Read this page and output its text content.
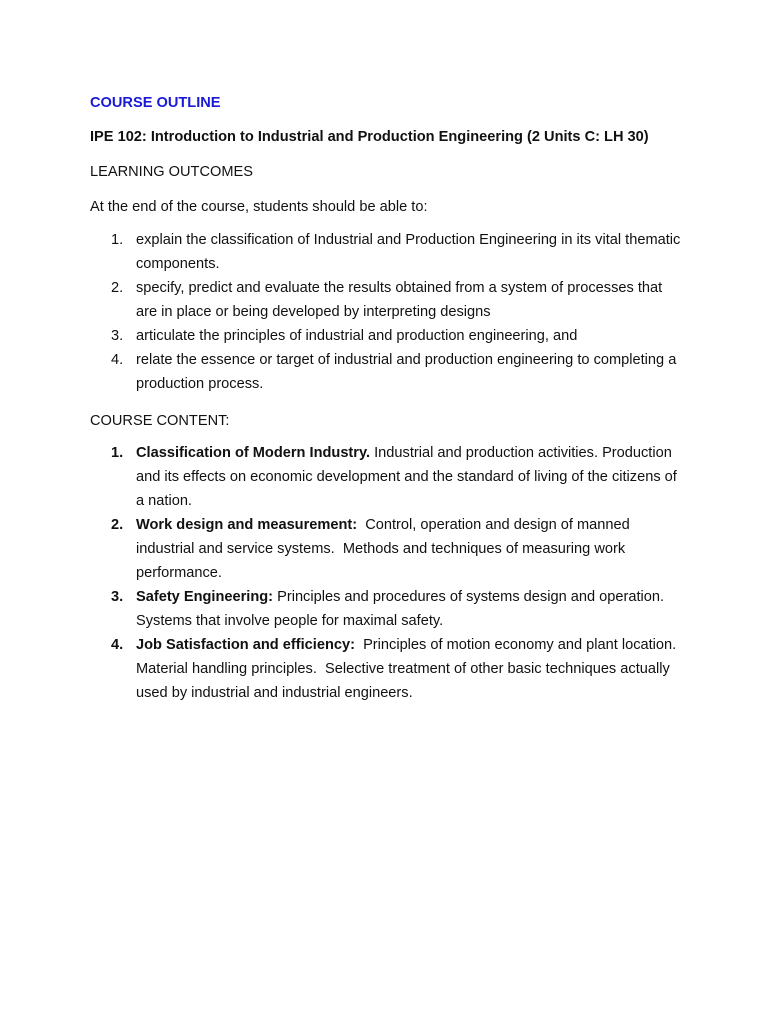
COURSE OUTLINE

IPE 102: Introduction to Industrial and Production Engineering (2 Units C: LH 30)

LEARNING OUTCOMES

At the end of the course, students should be able to:

1. explain the classification of Industrial and Production Engineering in its vital thematic components.
2. specify, predict and evaluate the results obtained from a system of processes that are in place or being developed by interpreting designs
3. articulate the principles of industrial and production engineering, and
4. relate the essence or target of industrial and production engineering to completing a production process.

COURSE CONTENT:

1. Classification of Modern Industry. Industrial and production activities. Production and its effects on economic development and the standard of living of the citizens of a nation.
2. Work design and measurement:  Control, operation and design of manned industrial and service systems.  Methods and techniques of measuring work performance.
3. Safety Engineering: Principles and procedures of systems design and operation.  Systems that involve people for maximal safety.
4. Job Satisfaction and efficiency:  Principles of motion economy and plant location. Material handling principles.  Selective treatment of other basic techniques actually used by industrial and industrial engineers.
